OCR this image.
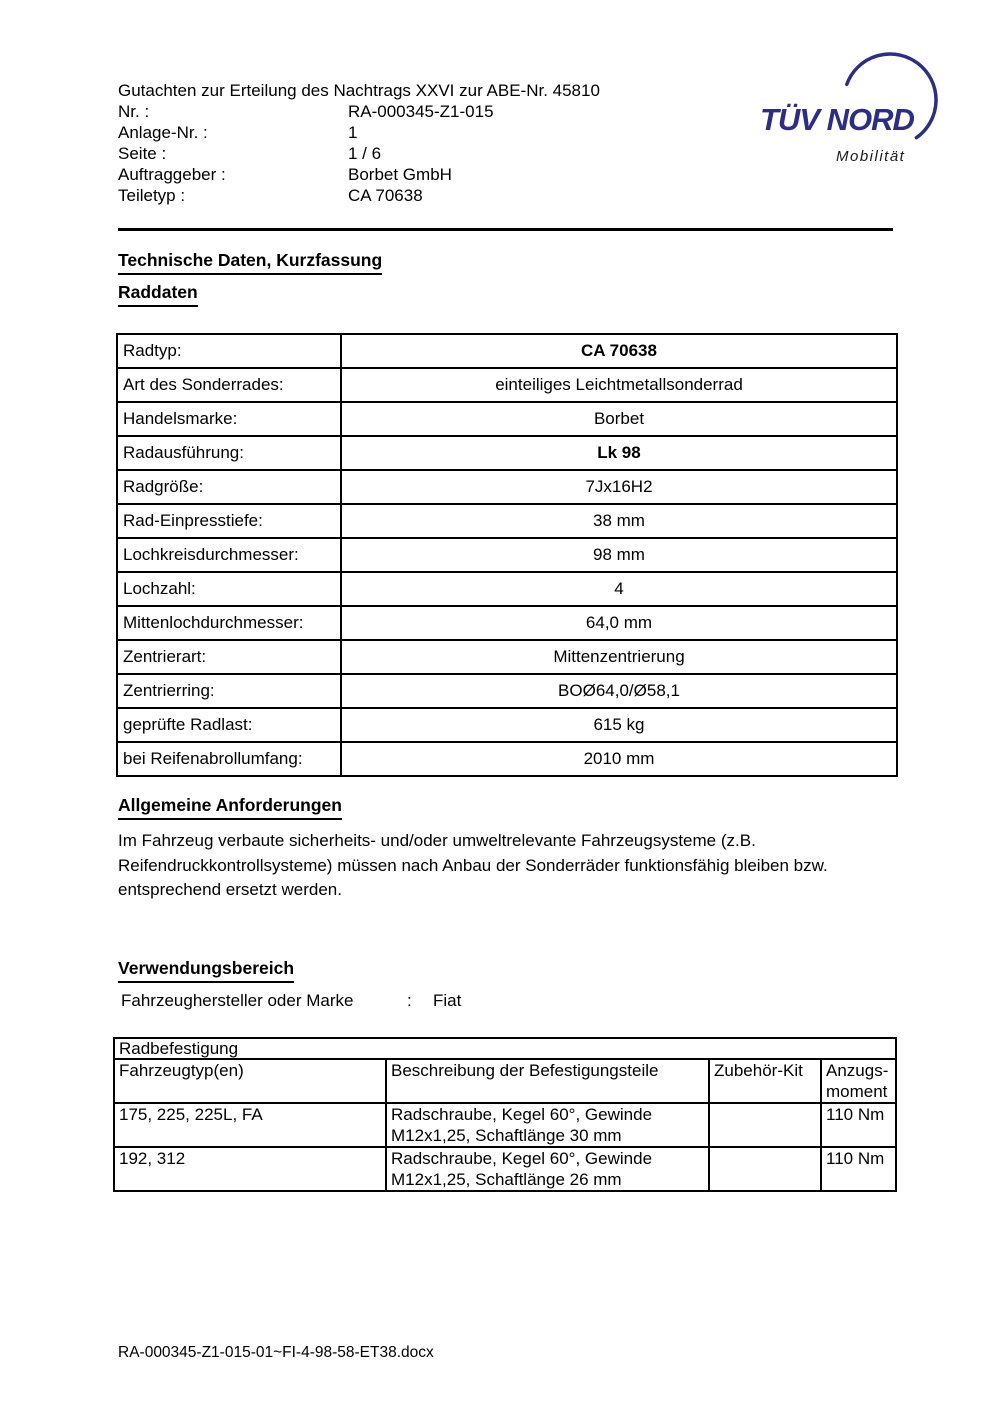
Gutachten zur Erteilung des Nachtrags XXVI zur ABE-Nr. 45810
Nr. :	RA-000345-Z1-015
Anlage-Nr. :	1
Seite :	1 / 6
Auftraggeber :	Borbet GmbH
Teiletyp :	CA 70638
TÜV NORD
Mobilität
Technische Daten, Kurzfassung
Raddaten
Radtyp:	CA 70638
Art des Sonderrades:	einteiliges Leichtmetallsonderrad
Handelsmarke:	Borbet
Radausführung:	Lk 98
Radgröße:	7Jx16H2
Rad-Einpresstiefe:	38 mm
Lochkreisdurchmesser:	98 mm
Lochzahl:	4
Mittenlochdurchmesser:	64,0 mm
Zentrierart:	Mittenzentrierung
Zentrierring:	BOØ64,0/Ø58,1
geprüfte Radlast:	615 kg
bei Reifenabrollumfang:	2010 mm
Allgemeine Anforderungen
Im Fahrzeug verbaute sicherheits- und/oder umweltrelevante Fahrzeugsysteme (z.B. Reifendruckkontrollsysteme) müssen nach Anbau der Sonderräder funktionsfähig bleiben bzw. entsprechend ersetzt werden.
Verwendungsbereich
Fahrzeughersteller oder Marke	: Fiat
Radbefestigung			
Fahrzeugtyp(en)	Beschreibung der Befestigungsteile	Zubehör-Kit	Anzugs-moment
175, 225, 225L, FA	Radschraube, Kegel 60°, Gewinde M12x1,25, Schaftlänge 30 mm		110 Nm
192, 312	Radschraube, Kegel 60°, Gewinde M12x1,25, Schaftlänge 26 mm		110 Nm
RA-000345-Z1-015-01~FI-4-98-58-ET38.docx
